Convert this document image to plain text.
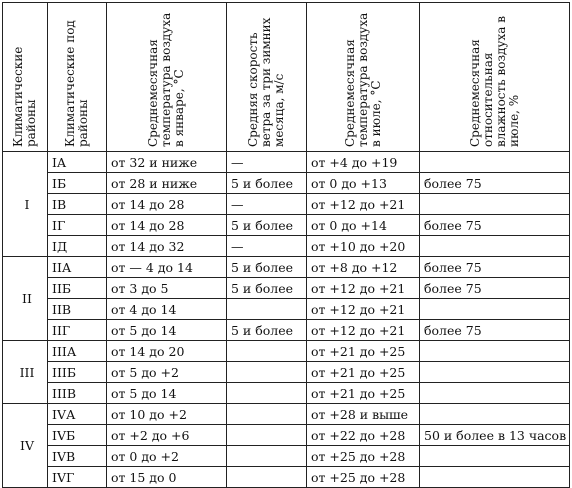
Климатические районы	Климатические под районы	Среднемесячная температура воздуха в январе, °С	Средняя скорость ветра за три зимних месяца, м/с	Среднемесячная температура воздуха в июле, °С	Среднемесячная относительная влажность воздуха в июле, %

I	IA	от 32 и ниже	—	от +4 до +19	
	IБ	от 28 и ниже	5 и более	от 0 до +13	более 75
	IВ	от 14 до 28	—	от +12 до +21	
	IГ	от 14 до 28	5 и более	от 0 до +14	более 75
	IД	от 14 до 32	—	от +10 до +20	
II	IIА	от — 4 до 14	5 и более	от +8 до +12	более 75
	IIБ	от 3 до 5	5 и более	от +12 до +21	более 75
	IIВ	от 4 до 14		от +12 до +21	
	IIГ	от 5 до 14	5 и более	от +12 до +21	более 75
III	IIIА	от 14 до 20		от +21 до +25	
	IIIБ	от 5 до +2		от +21 до +25	
	IIIВ	от 5 до 14		от +21 до +25	
IV	IVА	от 10 до +2		от +28 и выше	
	IVБ	от +2 до +6		от +22 до +28	50 и более в 13 часов
	IVВ	от 0 до +2		от +25 до +28	
	IVГ	от 15 до 0		от +25 до +28	
